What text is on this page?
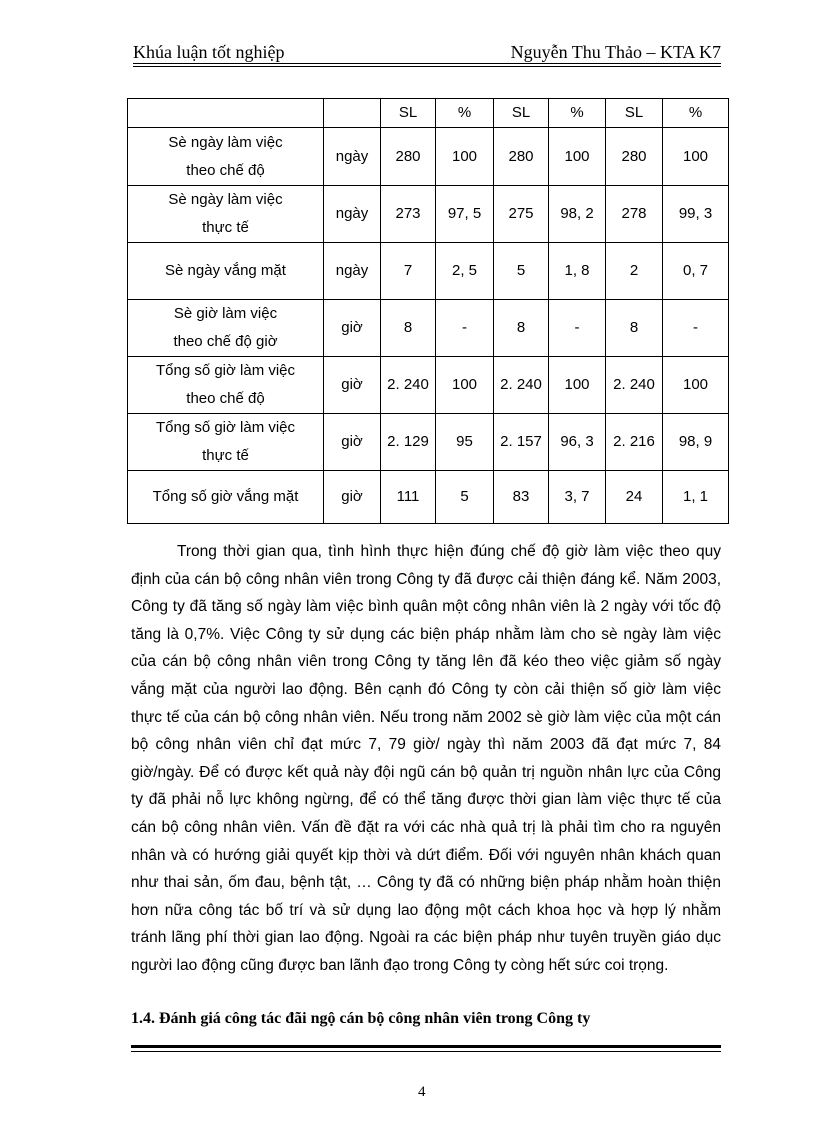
Khúa luận tốt nghiệp	Nguyễn Thu Thảo – KTA K7
		SL	%	SL	%	SL	%

Sè ngày làm việc
theo chế độ	ngày	280	100	280	100	280	100

Sè ngày làm việc
thực tế	ngày	273	97, 5	275	98, 2	278	99, 3

Sè ngày vắng mặt	ngày	7	2, 5	5	1, 8	2	0, 7

Sè giờ làm việc
theo chế độ giờ	giờ	8	-	8	-	8	-

Tổng số giờ làm việc
theo chế độ	giờ	2. 240	100	2. 240	100	2. 240	100

Tổng số giờ làm việc
thực tế	giờ	2. 129	95	2. 157	96, 3	2. 216	98, 9

Tổng số giờ vắng mặt	giờ	111	5	83	3, 7	24	1, 1

Trong thời gian qua, tình hình thực hiện đúng chế độ giờ làm việc theo quy định của cán bộ công nhân viên trong Công ty đã được cải thiện đáng kể. Năm 2003, Công ty đã tăng số ngày làm việc bình quân một công nhân viên là 2 ngày với tốc độ tăng là 0,7%. Việc Công ty sử dụng các biện pháp nhằm làm cho sè ngày làm việc của cán bộ công nhân viên trong Công ty tăng lên đã kéo theo việc giảm số ngày vắng mặt của người lao động. Bên cạnh đó Công ty còn cải thiện số giờ làm việc thực tế của cán bộ công nhân viên. Nếu trong năm 2002 sè giờ làm việc của một cán bộ công nhân viên chỉ đạt mức 7, 79 giờ/ ngày thì năm 2003 đã đạt mức 7, 84 giờ/ngày. Để có được kết quả này đội ngũ cán bộ quản trị nguồn nhân lực của Công ty đã phải nỗ lực không ngừng, để có thể tăng được thời gian làm việc thực tế của cán bộ công nhân viên. Vấn đề đặt ra với các nhà quả trị là phải tìm cho ra nguyên nhân và có hướng giải quyết kịp thời và dứt điểm. Đối với nguyên nhân khách quan như thai sản, ốm đau, bệnh tật, … Công ty đã có những biện pháp nhằm hoàn thiện hơn nữa công tác bố trí và sử dụng lao động một cách khoa học và hợp lý nhằm tránh lãng phí thời gian lao động. Ngoài ra các biện pháp như tuyên truyền giáo dục người lao động cũng được ban lãnh đạo trong Công ty còng hết sức coi trọng.

1.4. Đánh giá công tác đãi ngộ cán bộ công nhân viên trong Công ty

4
